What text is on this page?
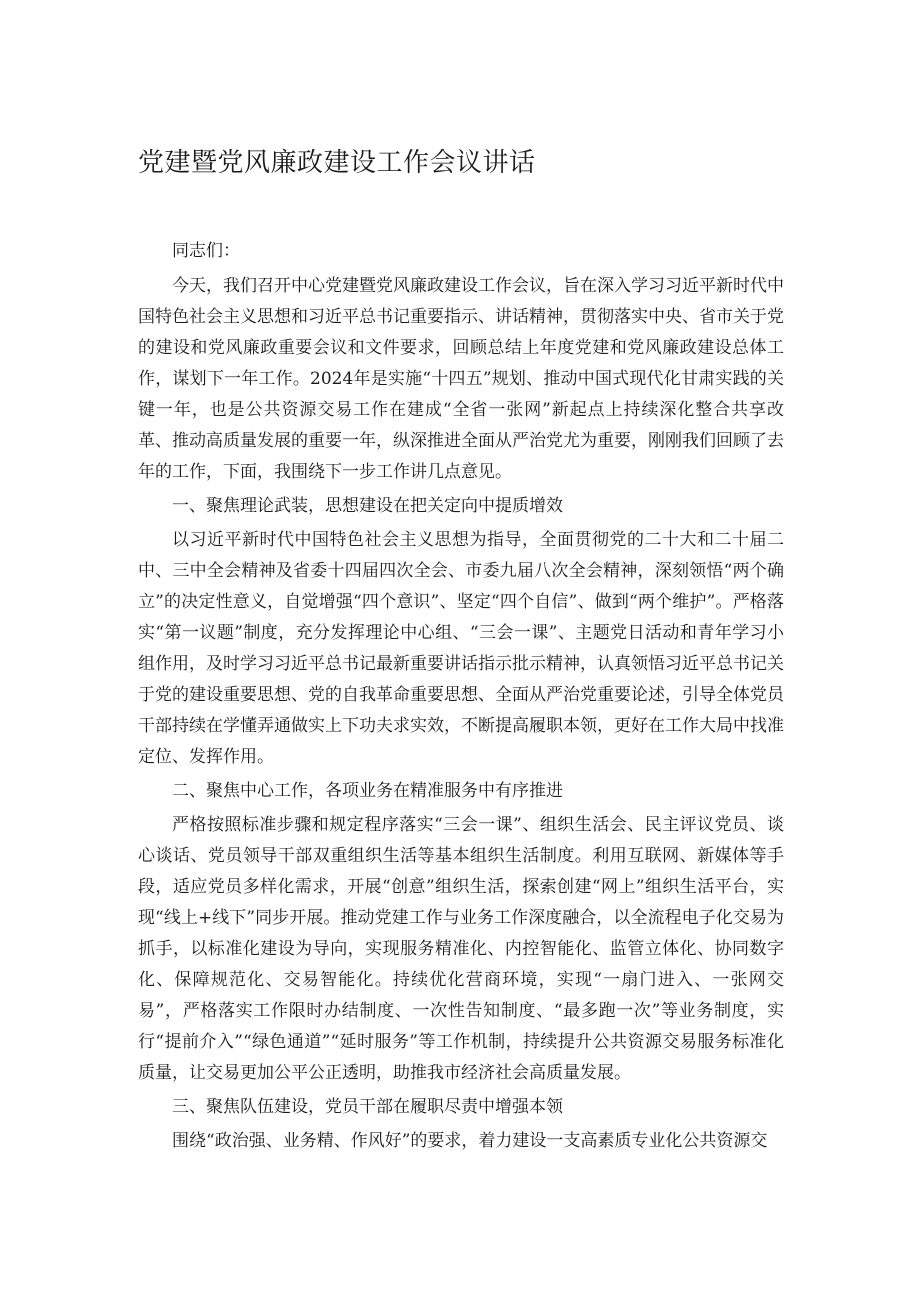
党建暨党风廉政建设工作会议讲话

同志们：

今天，我们召开中心党建暨党风廉政建设工作会议，旨在深入学习习近平新时代中国特色社会主义思想和习近平总书记重要指示、讲话精神，贯彻落实中央、省市关于党的建设和党风廉政重要会议和文件要求，回顾总结上年度党建和党风廉政建设总体工作，谋划下一年工作。2024年是实施“十四五”规划、推动中国式现代化甘肃实践的关键一年，也是公共资源交易工作在建成“全省一张网”新起点上持续深化整合共享改革、推动高质量发展的重要一年，纵深推进全面从严治党尤为重要，刚刚我们回顾了去年的工作，下面，我围绕下一步工作讲几点意见。

一、聚焦理论武装，思想建设在把关定向中提质增效

以习近平新时代中国特色社会主义思想为指导，全面贯彻党的二十大和二十届二中、三中全会精神及省委十四届四次全会、市委九届八次全会精神，深刻领悟“两个确立”的决定性意义，自觉增强“四个意识”、坚定“四个自信”、做到“两个维护”。严格落实“第一议题”制度，充分发挥理论中心组、“三会一课”、主题党日活动和青年学习小组作用，及时学习习近平总书记最新重要讲话指示批示精神，认真领悟习近平总书记关于党的建设重要思想、党的自我革命重要思想、全面从严治党重要论述，引导全体党员干部持续在学懂弄通做实上下功夫求实效，不断提高履职本领，更好在工作大局中找准定位、发挥作用。

二、聚焦中心工作，各项业务在精准服务中有序推进

严格按照标准步骤和规定程序落实“三会一课”、组织生活会、民主评议党员、谈心谈话、党员领导干部双重组织生活等基本组织生活制度。利用互联网、新媒体等手段，适应党员多样化需求，开展“创意”组织生活，探索创建“网上”组织生活平台，实现“线上+线下”同步开展。推动党建工作与业务工作深度融合，以全流程电子化交易为抓手，以标准化建设为导向，实现服务精准化、内控智能化、监管立体化、协同数字化、保障规范化、交易智能化。持续优化营商环境，实现“一扇门进入、一张网交易”，严格落实工作限时办结制度、一次性告知制度、“最多跑一次”等业务制度，实行“提前介入”“绿色通道”“延时服务”等工作机制，持续提升公共资源交易服务标准化质量，让交易更加公平公正透明，助推我市经济社会高质量发展。

三、聚焦队伍建设，党员干部在履职尽责中增强本领

围绕“政治强、业务精、作风好”的要求，着力建设一支高素质专业化公共资源交
